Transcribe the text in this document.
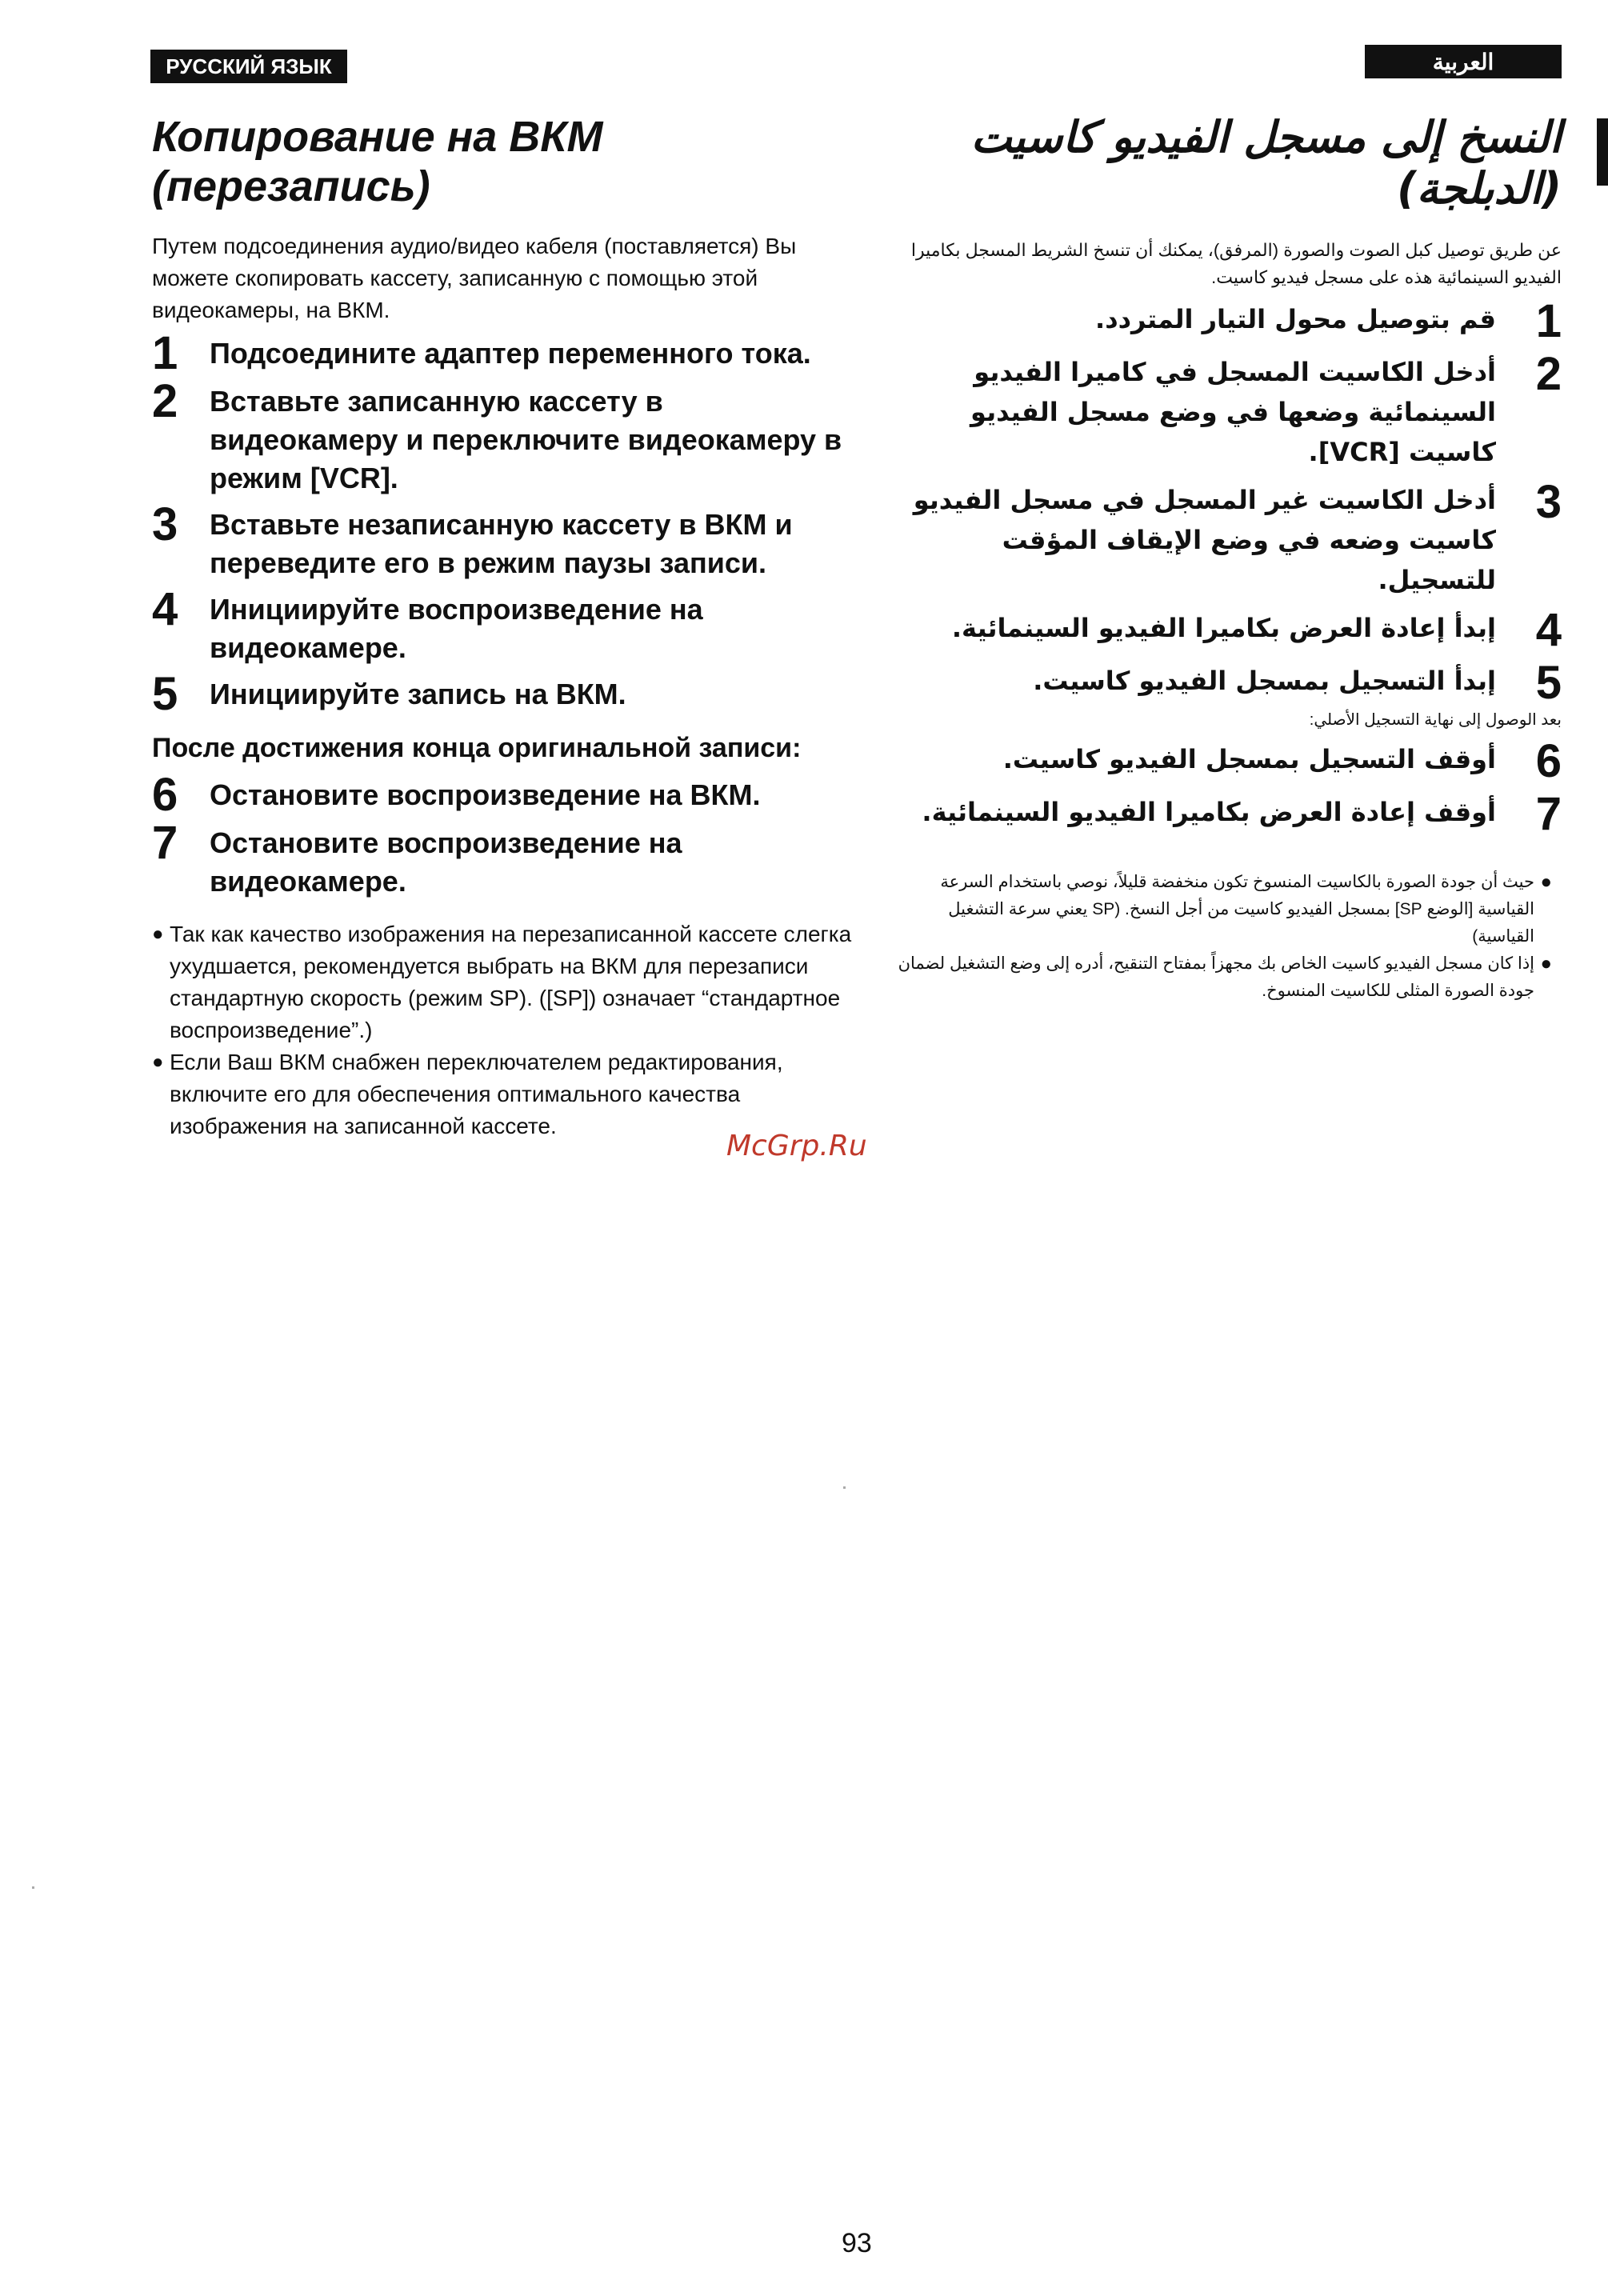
РУССКИЙ ЯЗЫК	العربية
Копирование на ВКМ
(перезапись)

Путем подсоединения аудио/видео кабеля (поставляется) Вы можете скопировать кассету, записанную с помощью этой видеокамеры, на ВКМ.

1	Подсоедините адаптер переменного тока.
2	Вставьте записанную кассету в видеокамеру и переключите видеокамеру в режим [VCR].
3	Вставьте незаписанную кассету в ВКМ и переведите его в режим паузы записи.
4	Инициируйте воспроизведение на видеокамере.
5	Инициируйте запись на ВКМ.
После достижения конца оригинальной записи:
6	Остановите воспроизведение на ВКМ.
7	Остановите воспроизведение на видеокамере.
● Так как качество изображения на перезаписанной кассете слегка ухудшается, рекомендуется выбрать на ВКМ для перезаписи стандартную скорость (режим SP). ([SP]) означает “стандартное воспроизведение”.)
● Если Ваш ВКМ снабжен переключателем редактирования, включите его для обеспечения оптимального качества изображения на записанной кассете.
النسخ إلى مسجل الفيديو كاسيت
(الدبلجة)

عن طريق توصيل كبل الصوت والصورة (المرفق)، يمكنك أن تنسخ الشريط المسجل بكاميرا الفيديو السينمائية هذه على مسجل فيديو كاسيت.

1
قم بتوصيل محول التيار المتردد.
2
أدخل الكاسيت المسجل في كاميرا الفيديو السينمائية وضعها في وضع مسجل الفيديو كاسيت [VCR].
3
أدخل الكاسيت غير المسجل في مسجل الفيديو كاسيت وضعه في وضع الإيقاف المؤقت للتسجيل.
4
إبدأ إعادة العرض بكاميرا الفيديو السينمائية.
5
إبدأ التسجيل بمسجل الفيديو كاسيت.
بعد الوصول إلى نهاية التسجيل الأصلي:
6
أوقف التسجيل بمسجل الفيديو كاسيت.
7
أوقف إعادة العرض بكاميرا الفيديو السينمائية.
●
حيث أن جودة الصورة بالكاسيت المنسوخ تكون منخفضة قليلاً، نوصي باستخدام السرعة القياسية [الوضع SP] بمسجل الفيديو كاسيت من أجل النسخ. (SP يعني سرعة التشغيل القياسية)
●
إذا كان مسجل الفيديو كاسيت الخاص بك مجهزاً بمفتاح التنقيح، أدره إلى وضع التشغيل لضمان جودة الصورة المثلى للكاسيت المنسوخ.
McGrp.Ru
93
